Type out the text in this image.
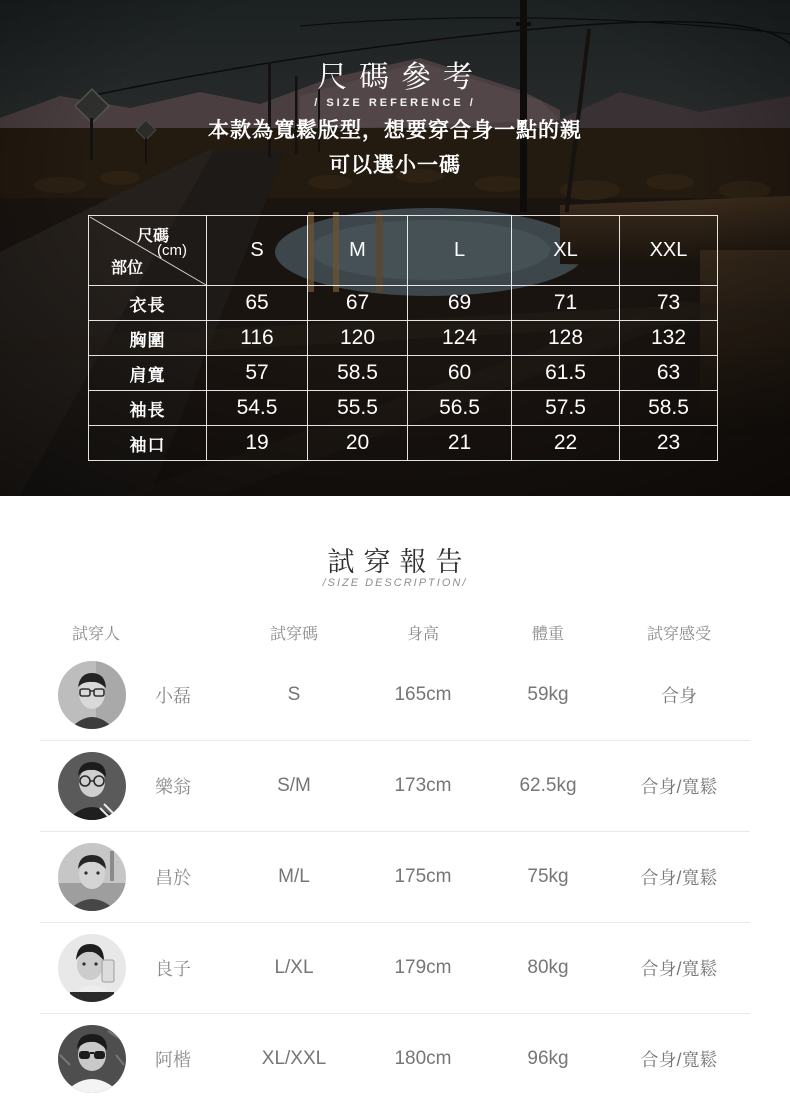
尺碼參考
/ SIZE REFERENCE /
本款為寬鬆版型，想要穿合身一點的親
可以選小一碼
尺碼
(cm)
部位	S	M	L	XL	XXL
衣長	65	67	69	71	73
胸圍	116	120	124	128	132
肩寬	57	58.5	60	61.5	63
袖長	54.5	55.5	56.5	57.5	58.5
袖口	19	20	21	22	23
試穿報告
/SIZE DESCRIPTION/
試穿人	試穿碼	身高	體重	試穿感受
小磊	S	165cm	59kg	合身
樂翁	S/M	173cm	62.5kg	合身/寬鬆
昌於	M/L	175cm	75kg	合身/寬鬆
良子	L/XL	179cm	80kg	合身/寬鬆
阿楷	XL/XXL	180cm	96kg	合身/寬鬆
